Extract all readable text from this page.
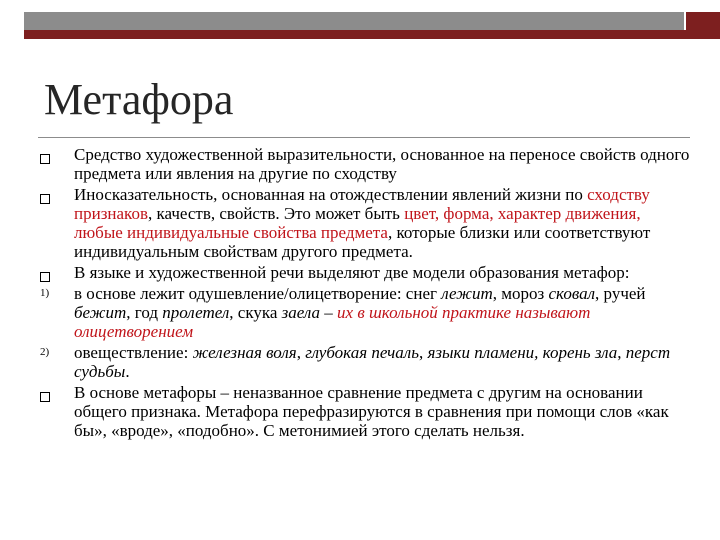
Метафора
Средство художественной выразительности, основанное на переносе свойств одного предмета или явления на другие по сходству
Иносказательность, основанная на отождествлении явлений жизни по сходству признаков, качеств, свойств. Это может быть цвет, форма, характер движения, любые индивидуальные свойства предмета, которые близки или соответствуют индивидуальным свойствам другого предмета.
В языке и художественной речи выделяют две модели образования метафор:
1) в основе лежит одушевление/олицетворение: снег лежит, мороз сковал, ручей бежит, год пролетел, скука заела – их в школьной практике называют олицетворением
2) овеществление: железная воля, глубокая печаль, языки пламени, корень зла, перст судьбы.
В основе метафоры – неназванное сравнение предмета с другим на основании общего признака. Метафора перефразируются в сравнения при помощи слов «как бы», «вроде», «подобно». С метонимией этого сделать нельзя.
